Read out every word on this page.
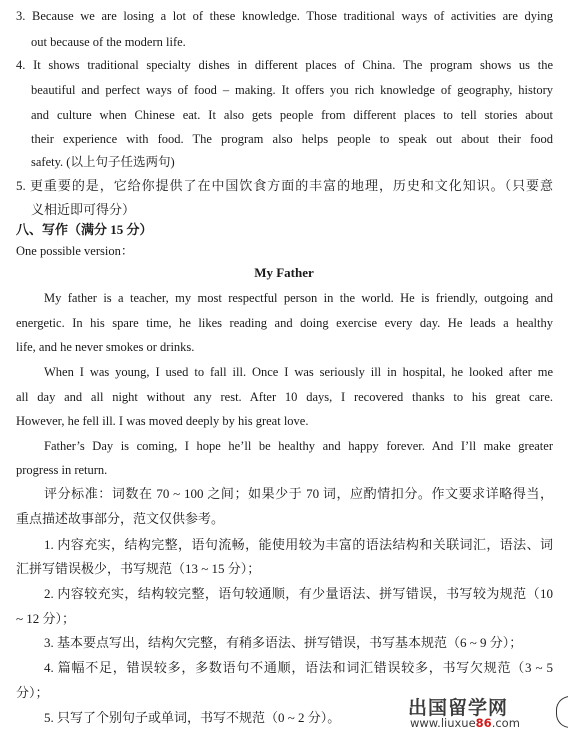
3. Because we are losing a lot of these knowledge. Those traditional ways of activities are dying
out because of the modern life.
4. It shows traditional specialty dishes in different places of China. The program shows us the
beautiful and perfect ways of food – making. It offers you rich knowledge of geography, history
and culture when Chinese eat. It also gets people from different places to tell stories about
their experience with food. The program also helps people to speak out about their food
safety. (以上句子任选两句)
5. 更重要的是，它给你提供了在中国饮食方面的丰富的地理，历史和文化知识。（只要意
义相近即可得分）
八、写作（满分 15 分）
One possible version：
My Father
My father is a teacher, my most respectful person in the world. He is friendly, outgoing and
energetic. In his spare time, he likes reading and doing exercise every day. He leads a healthy
life, and he never smokes or drinks.
When I was young, I used to fall ill. Once I was seriously ill in hospital, he looked after me
all day and all night without any rest. After 10 days, I recovered thanks to his great care.
However, he fell ill. I was moved deeply by his great love.
Father’s Day is coming, I hope he’ll be healthy and happy forever. And I’ll make greater
progress in return.
评分标准：词数在 70 ~ 100 之间；如果少于 70 词，应酌情扣分。作文要求详略得当，
重点描述故事部分，范文仅供参考。
1. 内容充实，结构完整，语句流畅，能使用较为丰富的语法结构和关联词汇，语法、词
汇拼写错误极少，书写规范（13 ~ 15 分）；
2. 内容较充实，结构较完整，语句较通顺，有少量语法、拼写错误，书写较为规范（10
~ 12 分）；
3. 基本要点写出，结构欠完整，有稍多语法、拼写错误，书写基本规范（6 ~ 9 分）；
4. 篇幅不足，错误较多，多数语句不通顺，语法和词汇错误较多，书写欠规范（3 ~ 5
分）；
5. 只写了个别句子或单词，书写不规范（0 ~ 2 分）。	出国留学网
www.liuxue86.com
